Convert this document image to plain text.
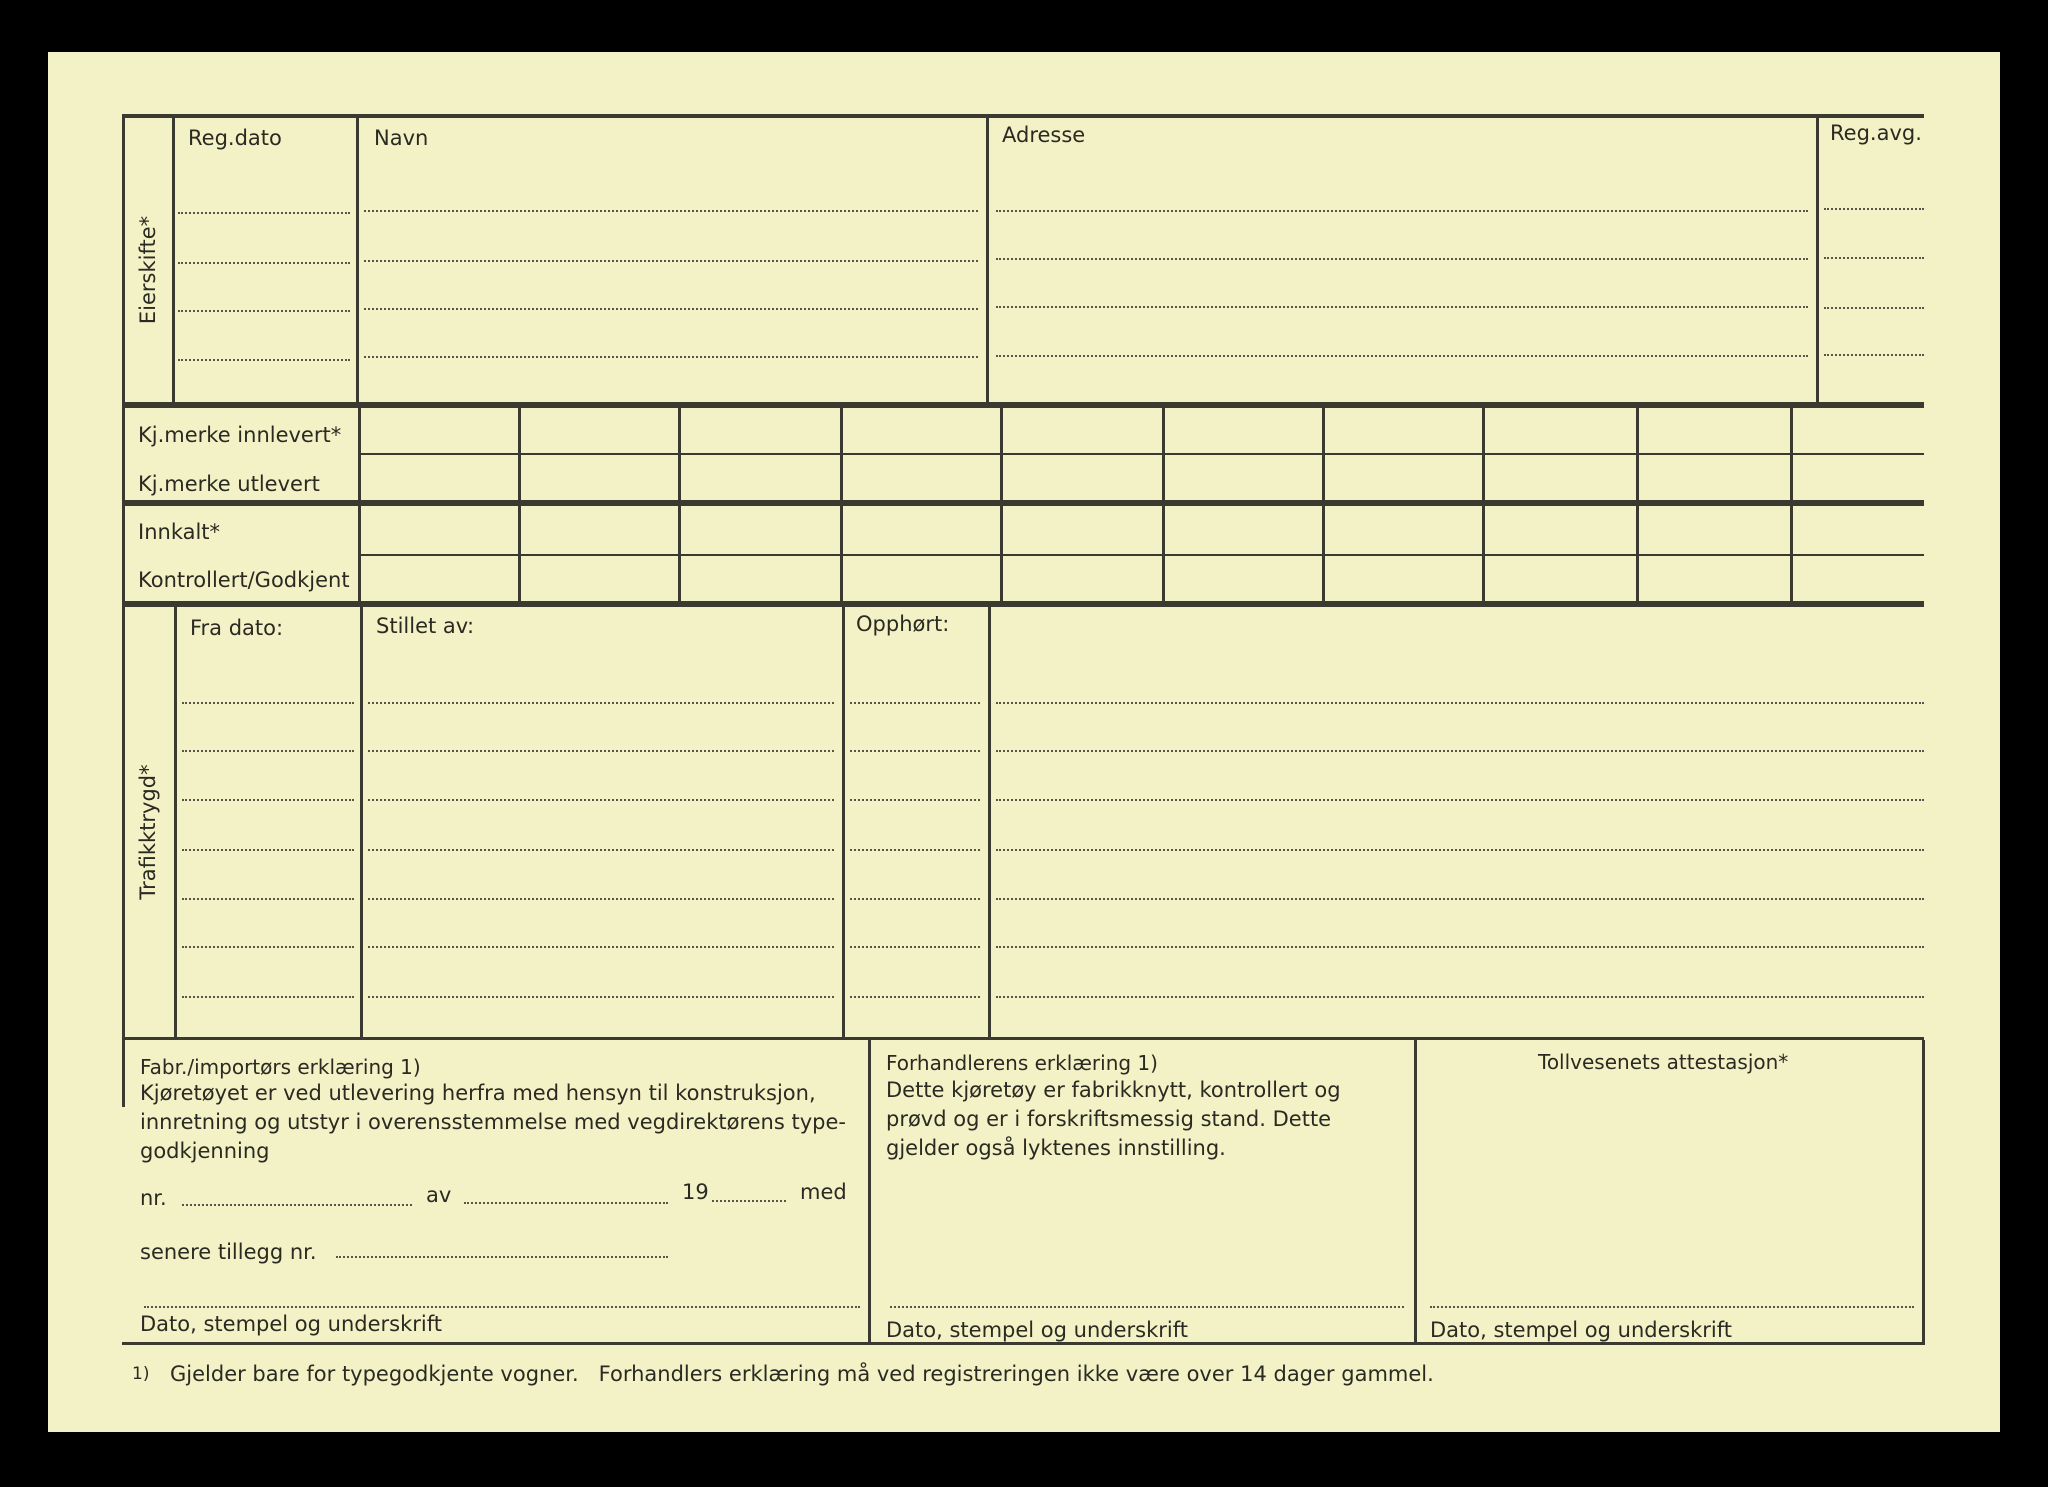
Eierskifte*
Reg.dato	Navn	Adresse	Reg.avg.
Kj.merke innlevert*
Kj.merke utlevert
Innkalt*
Kontrollert/Godkjent
Trafikktrygd*
Fra dato:	Stillet av:	Opphørt:
Fabr./importørs erklæring 1)
Kjøretøyet er ved utlevering herfra med hensyn til konstruksjon,
innretning og utstyr i overensstemmelse med vegdirektørens type-
godkjenning
nr.	av	19	med
senere tillegg nr.
Dato, stempel og underskrift
Forhandlerens erklæring 1)
Dette kjøretøy er fabrikknytt, kontrollert og
prøvd og er i forskriftsmessig stand. Dette
gjelder også lyktenes innstilling.
Dato, stempel og underskrift
Tollvesenets attestasjon*
Dato, stempel og underskrift
1) Gjelder bare for typegodkjente vogner.   Forhandlers erklæring må ved registreringen ikke være over 14 dager gammel.
